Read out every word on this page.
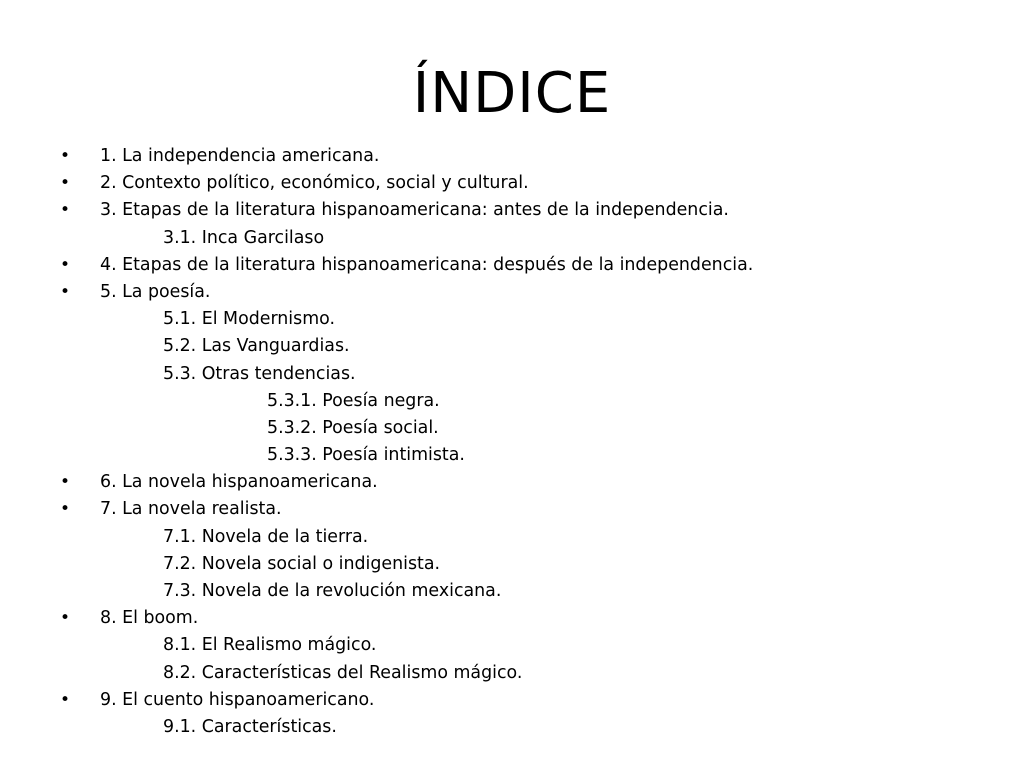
ÍNDICE
• 1. La independencia americana.
• 2. Contexto político, económico, social y cultural.
• 3. Etapas de la literatura hispanoamericana: antes de la independencia.
3.1. Inca Garcilaso
• 4. Etapas de la literatura hispanoamericana: después de la independencia.
• 5. La poesía.
5.1. El Modernismo.
5.2. Las Vanguardias.
5.3. Otras tendencias.
5.3.1. Poesía negra.
5.3.2. Poesía social.
5.3.3. Poesía intimista.
• 6. La novela hispanoamericana.
• 7. La novela realista.
7.1. Novela de la tierra.
7.2. Novela social o indigenista.
7.3. Novela de la revolución mexicana.
• 8. El boom.
8.1. El Realismo mágico.
8.2. Características del Realismo mágico.
• 9. El cuento hispanoamericano.
9.1. Características.
